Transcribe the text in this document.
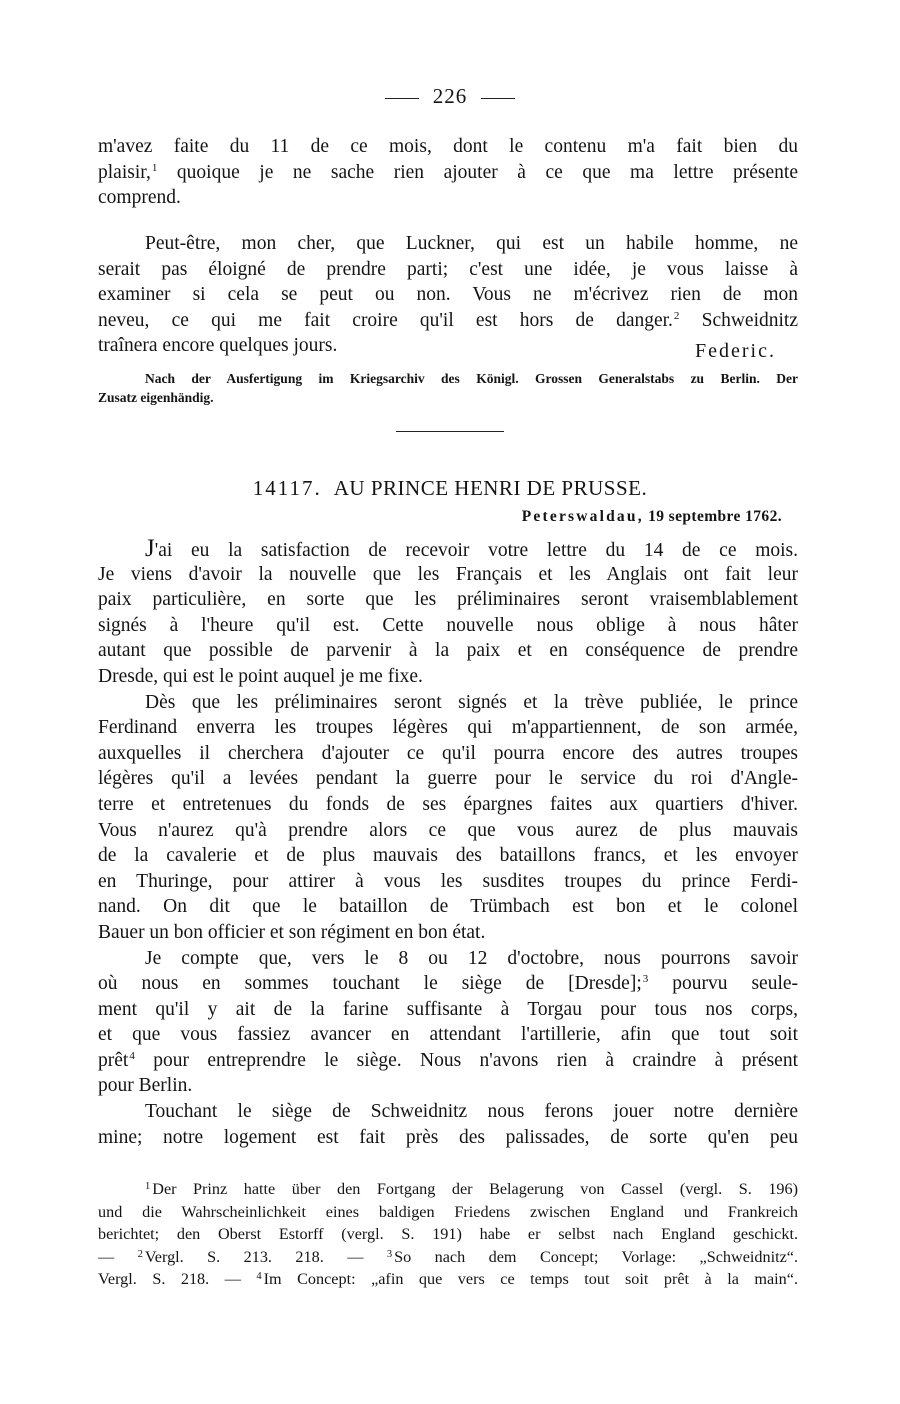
226
m'avez faite du 11 de ce mois, dont le contenu m'a fait bien du
plaisir,$^1$ quoique je ne sache rien ajouter à ce que ma lettre présente
comprend.
Peut-être, mon cher, que Luckner, qui est un habile homme, ne
serait pas éloigné de prendre parti; c'est une idée, je vous laisse à
examiner si cela se peut ou non. Vous ne m'écrivez rien de mon
neveu, ce qui me fait croire qu'il est hors de danger.$^2$ Schweidnitz
traînera encore quelques jours.	Federic.
Nach der Ausfertigung im Kriegsarchiv des Königl. Grossen Generalstabs zu Berlin. Der
Zusatz eigenhändig.
14117. AU PRINCE HENRI DE PRUSSE.
Peterswaldau, 19 septembre 1762.
J'ai eu la satisfaction de recevoir votre lettre du 14 de ce mois.
Je viens d'avoir la nouvelle que les Français et les Anglais ont fait leur
paix particulière, en sorte que les préliminaires seront vraisemblablement
signés à l'heure qu'il est. Cette nouvelle nous oblige à nous hâter
autant que possible de parvenir à la paix et en conséquence de prendre
Dresde, qui est le point auquel je me fixe.
Dès que les préliminaires seront signés et la trève publiée, le prince
Ferdinand enverra les troupes légères qui m'appartiennent, de son armée,
auxquelles il cherchera d'ajouter ce qu'il pourra encore des autres troupes
légères qu'il a levées pendant la guerre pour le service du roi d'Angle-
terre et entretenues du fonds de ses épargnes faites aux quartiers d'hiver.
Vous n'aurez qu'à prendre alors ce que vous aurez de plus mauvais
de la cavalerie et de plus mauvais des bataillons francs, et les envoyer
en Thuringe, pour attirer à vous les susdites troupes du prince Ferdi-
nand. On dit que le bataillon de Trümbach est bon et le colonel
Bauer un bon officier et son régiment en bon état.
Je compte que, vers le 8 ou 12 d'octobre, nous pourrons savoir
où nous en sommes touchant le siège de [Dresde];$^3$ pourvu seule-
ment qu'il y ait de la farine suffisante à Torgau pour tous nos corps,
et que vous fassiez avancer en attendant l'artillerie, afin que tout soit
prêt$^4$ pour entreprendre le siège. Nous n'avons rien à craindre à présent
pour Berlin.
Touchant le siège de Schweidnitz nous ferons jouer notre dernière
mine; notre logement est fait près des palissades, de sorte qu'en peu
$^1$ Der Prinz hatte über den Fortgang der Belagerung von Cassel (vergl. S. 196)
und die Wahrscheinlichkeit eines baldigen Friedens zwischen England und Frankreich
berichtet; den Oberst Estorff (vergl. S. 191) habe er selbst nach England geschickt.
— $^2$ Vergl. S. 213. 218. — $^3$ So nach dem Concept; Vorlage: „Schweidnitz“.
Vergl. S. 218. — $^4$ Im Concept: „afin que vers ce temps tout soit prêt à la main“.
